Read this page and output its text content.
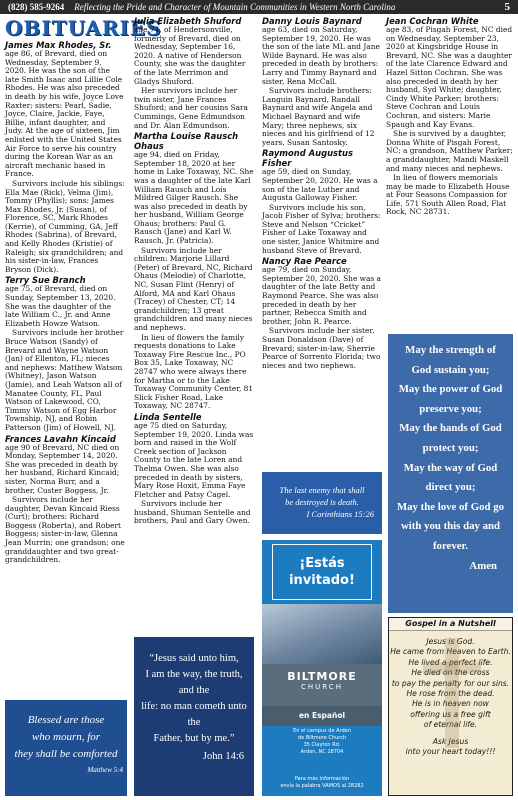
(828) 585-9264 Reflecting the Pride and Character of Mountain Communities in Western North Carolina	5
OBITUARIES
James Max Rhodes, Sr.

age 86, of Brevard, died on Wednesday, September 9, 2020. He was the son of the late Smith Isaac and Lillie Cole Rhodes. He was also preceded in death by his wife, Joyce Love Raxter; sisters: Pearl, Sadie, Joyce, Claire, Jackie, Faye, Billie, infant daughter, and Judy. At the age of sixteen, Jim enlisted with the United States Air Force to serve his country during the Korean War as an aircraft mechanic based in France.

Survivors include his siblings: Ella Mae (Rick), Velma (Jim), Tommy (Phyllis); sons: James Max Rhodes, Jr. (Susan), of Florence, SC, Mark Rhodes (Kerrie), of Cumming, GA, Jeff Rhodes (Sabrina), of Brevard, and Kelly Rhodes (Kristie) of Raleigh; six grandchildren; and his sister-in-law, Frances Bryson (Dick).

Terry Sue Branch

age 75, of Brevard, died on Sunday, September 13, 2020. She was the daughter of the late William C., Jr. and Anne Elizabeth Howze Watson.

Survivors include her brother Bruce Watson (Sandy) of Brevard and Wayne Watson (Jan) of Ellenton, FL; nieces and nephews: Matthew Watson (Whitney), Jason Watson (Jamie), and Leah Watson all of Manatee County, FL, Paul Watson of Lakewood, CO, Timmy Watson of Egg Harbor Township, NJ, and Robin Patterson (Jim) of Howell, NJ.

Frances Lavahn Kincaid

age 90 of Brevard, NC died on Monday, September 14, 2020. She was preceded in death by her husband, Richard Kincaid; sister, Norma Burr, and a brother, Custer Boggess, Jr.

Survivors include her daughter, Devan Kincaid Riess (Curt); brothers: Richard Boggess (Roberta), and Robert Boggess; sister-in-law, Glenna Jean Murrin; one grandson; one granddaughter and two great-grandchildren.

Julia Elizabeth Shuford

age 74, of Hendersonville, formerly of Brevard, died on Wednesday, September 16, 2020. A native of Henderson County, she was the daughter of the late Merrimon and Gladys Shuford.

Her survivors include her twin sister, Jane Frances Shuford; and her cousins Sara Cummings, Gene Edmundson and Dr. Alan Edmundson.

Martha Louise Rausch Ohaus

age 94, died on Friday, September 18, 2020 at her home in Lake Toxaway, NC. She was a daughter of the late Karl William Rausch and Lois Mildred Gilger Rausch. She was also preceded in death by her husband, William George Ohaus; brothers: Paul G. Rausch (Jane) and Karl W. Rausch, Jr. (Patricia).

Survivors include her children: Marjorie Lillard (Peter) of Brevard, NC, Richard Ohaus (Melodie) of Charlotte, NC, Susan Flint (Henry) of Alford, MA and Karl Ohaus (Tracey) of Chester, CT; 14 grandchildren; 13 great grandchildren and many nieces and nephews.

In lieu of flowers the family requests donations to Lake Toxaway Fire Rescue Inc., PO Box 35, Lake Toxaway, NC 28747 who were always there for Martha or to the Lake Toxaway Community Center, 81 Slick Fisher Road, Lake Toxaway, NC 28747.

Linda Sentelle

age 75 died on Saturday, September 19, 2020. Linda was born and raised in the Wolf Creek section of Jackson County to the late Loren and Thelma Owen. She was also preceded in death by sisters, Mary Rose Hoxit, Emma Faye Fletcher and Patsy Cagel.

Survivors include her husband, Shuman Sentelle and brothers, Paul and Gary Owen.

Danny Louis Baynard

age 63, died on Saturday, September 19, 2020. He was the son of the late ML and Jane Wilde Baynard. He was also preceded in death by brothers: Larry and Timmy Baynard and sister, Rena McCall.

Survivors include brothers: Languin Baynard, Randall Baynard and wife Angela and Michael Baynard and wife Mary; three nephews, six nieces and his girlfriend of 12 years, Susan Santosky.

Raymond Augustus Fisher

age 59, died on Sunday, September 20, 2020. He was a son of the late Luther and Augusta Galloway Fisher.

Survivors include his son, Jacob Fisher of Sylva; brothers: Steve and Nelson “Cricket” Fisher of Lake Toxaway and one sister, Janice Whitmire and husband Steve of Brevard.

Nancy Rae Pearce

age 79, died on Sunday, September 20, 2020. She was a daughter of the late Betty and Raymond Pearce. She was also preceded in death by her partner, Rebecca Smith and brother, John R. Pearce.

Survivors include her sister, Susan Donaldson (Dave) of Brevard; sister-in-law, Sherrie Pearce of Sorrento Florida; two nieces and two nephews.

Jean Cochran White

age 83, of Pisgah Forest, NC died on Wednesday, September 23, 2020 at Kingsbridge House in Brevard, NC. She was a daughter of the late Clarence Edward and Hazel Sitton Cochran. She was also preceded in death by her husband, Syd White; daughter, Cindy White Parker; brothers: Steve Cochran and Louis Cochran, and sisters: Marie Spaugh and Kay Evans.

She is survived by a daughter, Donna White of Pisgah Forest, NC; a grandson, Matthew Parker; a granddaughter, Mandi Maskell and many nieces and nephews.

In lieu of flowers memorials may be made to Elizabeth House at Four Seasons Compassion for Life, 571 South Allen Road, Flat Rock, NC 28731.

Blessed are those
who mourn, for
they shall be comforted
Matthew 5:4
“Jesus said unto him,
I am the way, the truth, and the
life: no man cometh unto the
Father, but by me.”
John 14:6
The last enemy that shall
be destroyed is death.
I Corinthians 15:26
¡Estás
invitado!
BILTMORE
CHURCH
en Español
En el campus de Arden
de Biltmore Church
35 Clayton Rd.
Arden, NC 28704
Para más información
envía la palabra VAMOS al 28282
May the strength of
God sustain you;
May the power of God
preserve you;
May the hands of God
protect you;
May the way of God
direct you;
May the love of God go
with you this day and
forever.
Amen
Gospel in a Nutshell
Jesus is God.
He came from Heaven to Earth.
He lived a perfect life.
He died on the cross
to pay the penalty for our sins.
He rose from the dead.
He is in heaven now
offering us a free gift
of eternal life.
Ask Jesus
into your heart today!!!
